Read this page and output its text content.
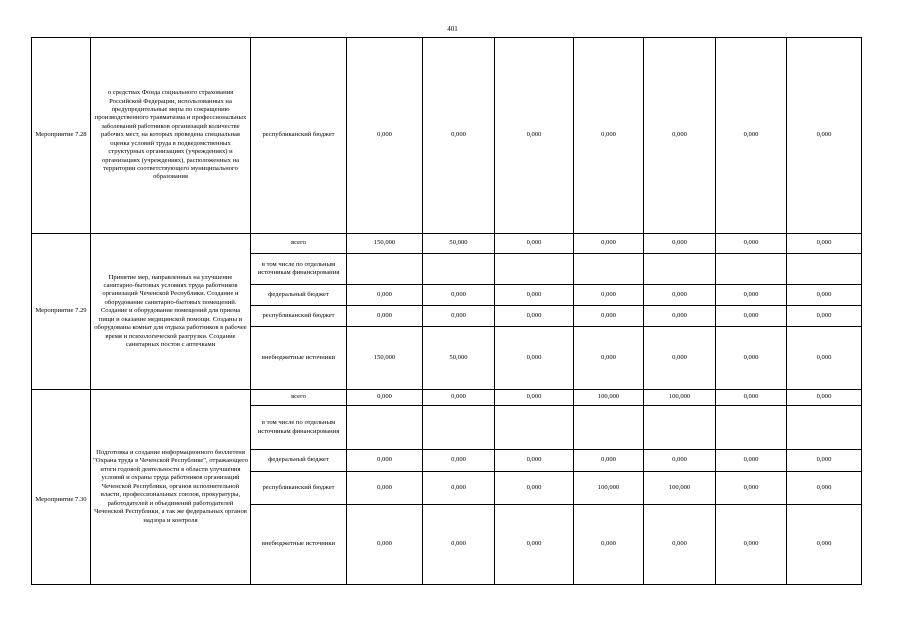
401
Мероприятие 7.28	о средствах Фонда социального страхования Российской Федерации, использованных на предупредительные меры по сокращению производственного травматизма и профессиональных заболеваний работников организаций количестве рабочих мест, на которых проведена специальная оценка условий труда в подведомственных структурных организациях (учреждениях) и организациях (учреждениях), расположенных на территории соответствующего муниципального образования	республиканский бюджет	0,000	0,000	0,000	0,000	0,000	0,000	0,000
Мероприятие 7.29	Принятие мер, направленных на улучшение санитарно-бытовых условиях труда работников организаций Чеченской Республики. Создание и оборудование санитарно-бытовых помещений. Создание и оборудование помещений для приема пищи и оказание медицинской помощи. Созданы и оборудованы комнат для отдыха работников в рабочее время и психологической разгрузки. Создание санитарных постов с аптечками	всего	150,000	50,000	0,000	0,000	0,000	0,000	0,000
		в том числе по отдельным источникам финансирования							
		федеральный бюджет	0,000	0,000	0,000	0,000	0,000	0,000	0,000
		республиканский бюджет	0,000	0,000	0,000	0,000	0,000	0,000	0,000
		внебюджетные источники	150,000	50,000	0,000	0,000	0,000	0,000	0,000
Мероприятие 7.30	Подготовка и создание информационного бюллетеня "Охрана труда в Чеченской Республике", отражающего итоги годовой деятельности в области улучшения условий и охраны труда работников организаций Чеченской Республики, органов исполнительной власти, профессиональных союзов, прокуратуры, работодателей и объединений работодателей Чеченской Республики, а так же федеральных органов надзора и контроля	всего	0,000	0,000	0,000	100,000	100,000	0,000	0,000
		в том числе по отдельным источникам финансирования							
		федеральный бюджет	0,000	0,000	0,000	0,000	0,000	0,000	0,000
		республиканский бюджет	0,000	0,000	0,000	100,000	100,000	0,000	0,000
		внебюджетные источники	0,000	0,000	0,000	0,000	0,000	0,000	0,000
